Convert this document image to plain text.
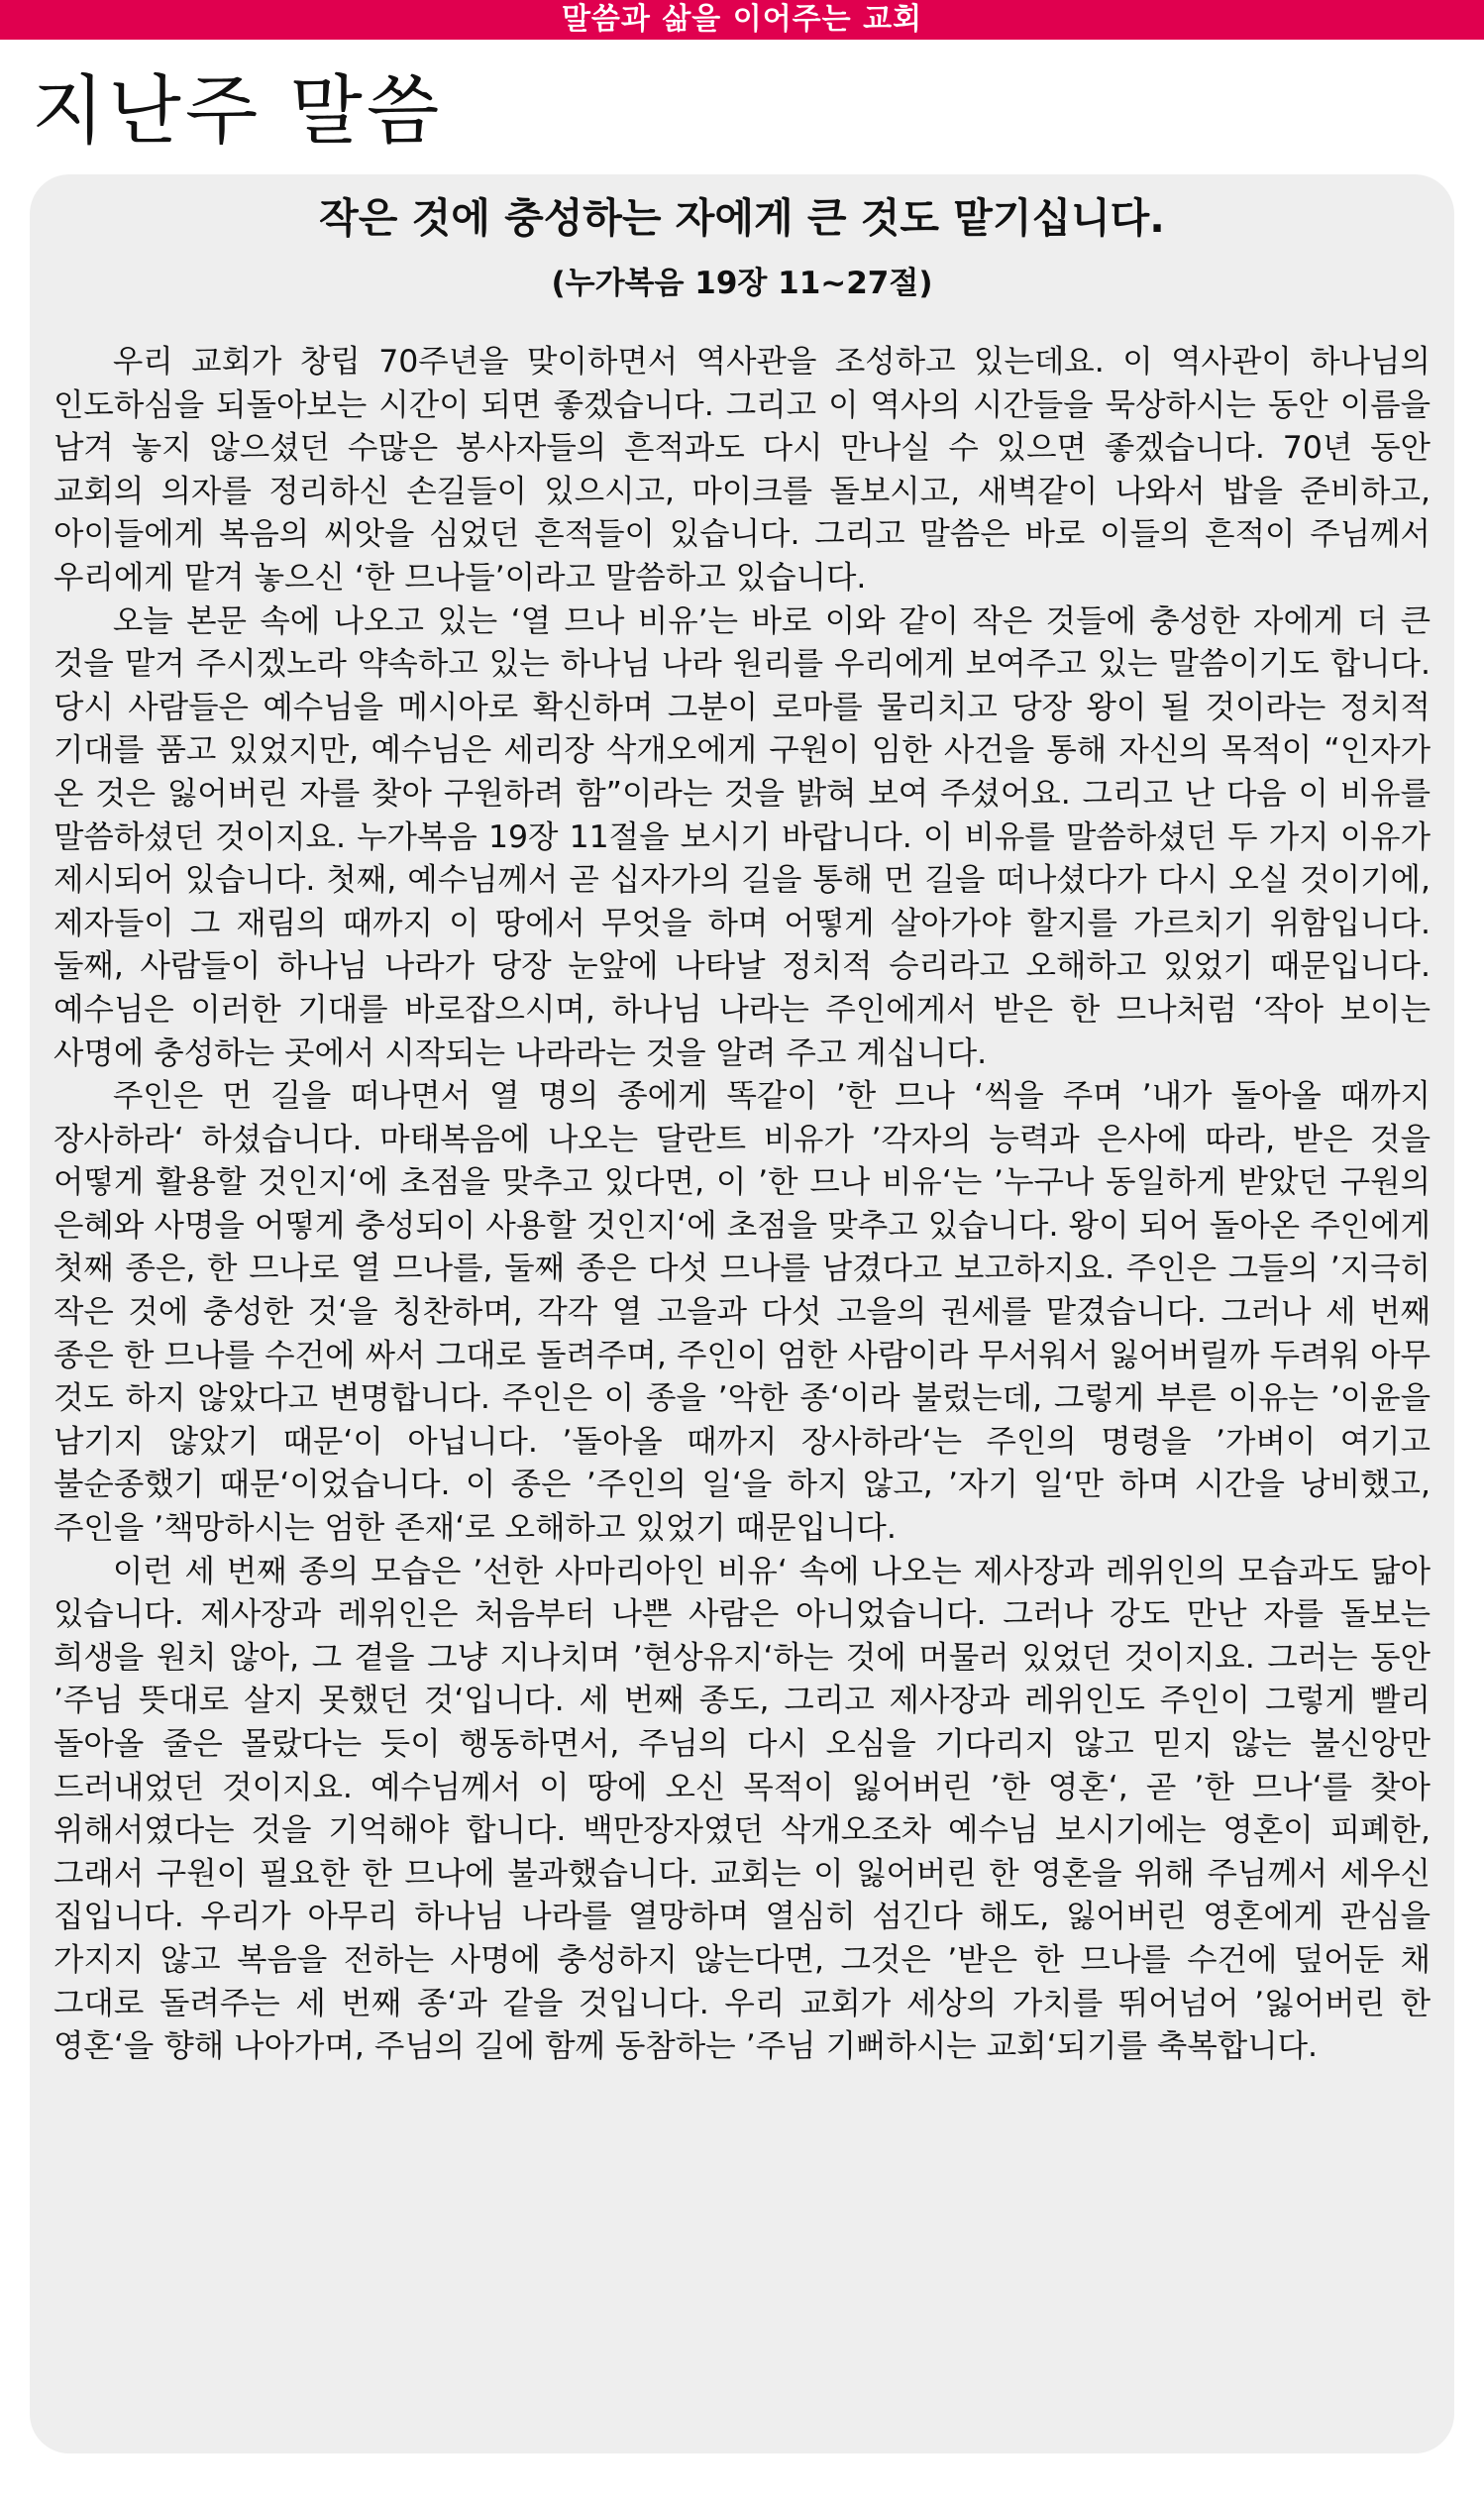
말씀과 삶을 이어주는 교회
지난주 말씀
작은 것에 충성하는 자에게 큰 것도 맡기십니다.
(누가복음 19장 11~27절)

우리 교회가 창립 70주년을 맞이하면서 역사관을 조성하고 있는데요. 이 역사관이 하나님의 인도하심을 되돌아보는 시간이 되면 좋겠습니다. 그리고 이 역사의 시간들을 묵상하시는 동안 이름을 남겨 놓지 않으셨던 수많은 봉사자들의 흔적과도 다시 만나실 수 있으면 좋겠습니다. 70년 동안 교회의 의자를 정리하신 손길들이 있으시고, 마이크를 돌보시고, 새벽같이 나와서 밥을 준비하고, 아이들에게 복음의 씨앗을 심었던 흔적들이 있습니다. 그리고 말씀은 바로 이들의 흔적이 주님께서 우리에게 맡겨 놓으신 ‘한 므나들’이라고 말씀하고 있습니다.

오늘 본문 속에 나오고 있는 ‘열 므나 비유’는 바로 이와 같이 작은 것들에 충성한 자에게 더 큰 것을 맡겨 주시겠노라 약속하고 있는 하나님 나라 원리를 우리에게 보여주고 있는 말씀이기도 합니다. 당시 사람들은 예수님을 메시아로 확신하며 그분이 로마를 물리치고 당장 왕이 될 것이라는 정치적 기대를 품고 있었지만, 예수님은 세리장 삭개오에게 구원이 임한 사건을 통해 자신의 목적이 “인자가 온 것은 잃어버린 자를 찾아 구원하려 함”이라는 것을 밝혀 보여 주셨어요. 그리고 난 다음 이 비유를 말씀하셨던 것이지요. 누가복음 19장 11절을 보시기 바랍니다. 이 비유를 말씀하셨던 두 가지 이유가 제시되어 있습니다. 첫째, 예수님께서 곧 십자가의 길을 통해 먼 길을 떠나셨다가 다시 오실 것이기에, 제자들이 그 재림의 때까지 이 땅에서 무엇을 하며 어떻게 살아가야 할지를 가르치기 위함입니다. 둘째, 사람들이 하나님 나라가 당장 눈앞에 나타날 정치적 승리라고 오해하고 있었기 때문입니다. 예수님은 이러한 기대를 바로잡으시며, 하나님 나라는 주인에게서 받은 한 므나처럼 ‘작아 보이는 사명에 충성하는 곳에서 시작되는 나라라는 것을 알려 주고 계십니다.

주인은 먼 길을 떠나면서 열 명의 종에게 똑같이 ’한 므나 ‘씩을 주며 ’내가 돌아올 때까지 장사하라‘ 하셨습니다. 마태복음에 나오는 달란트 비유가 ’각자의 능력과 은사에 따라, 받은 것을 어떻게 활용할 것인지‘에 초점을 맞추고 있다면, 이 ’한 므나 비유‘는 ’누구나 동일하게 받았던 구원의 은혜와 사명을 어떻게 충성되이 사용할 것인지‘에 초점을 맞추고 있습니다. 왕이 되어 돌아온 주인에게 첫째 종은, 한 므나로 열 므나를, 둘째 종은 다섯 므나를 남겼다고 보고하지요. 주인은 그들의 ’지극히 작은 것에 충성한 것‘을 칭찬하며, 각각 열 고을과 다섯 고을의 권세를 맡겼습니다. 그러나 세 번째 종은 한 므나를 수건에 싸서 그대로 돌려주며, 주인이 엄한 사람이라 무서워서 잃어버릴까 두려워 아무 것도 하지 않았다고 변명합니다. 주인은 이 종을 ’악한 종‘이라 불렀는데, 그렇게 부른 이유는 ’이윤을 남기지 않았기 때문‘이 아닙니다. ’돌아올 때까지 장사하라‘는 주인의 명령을 ’가벼이 여기고 불순종했기 때문‘이었습니다. 이 종은 ’주인의 일‘을 하지 않고, ’자기 일‘만 하며 시간을 낭비했고, 주인을 ’책망하시는 엄한 존재‘로 오해하고 있었기 때문입니다.

이런 세 번째 종의 모습은 ’선한 사마리아인 비유‘ 속에 나오는 제사장과 레위인의 모습과도 닮아 있습니다. 제사장과 레위인은 처음부터 나쁜 사람은 아니었습니다. 그러나 강도 만난 자를 돌보는 희생을 원치 않아, 그 곁을 그냥 지나치며 ’현상유지‘하는 것에 머물러 있었던 것이지요. 그러는 동안 ’주님 뜻대로 살지 못했던 것‘입니다. 세 번째 종도, 그리고 제사장과 레위인도 주인이 그렇게 빨리 돌아올 줄은 몰랐다는 듯이 행동하면서, 주님의 다시 오심을 기다리지 않고 믿지 않는 불신앙만 드러내었던 것이지요. 예수님께서 이 땅에 오신 목적이 잃어버린 ’한 영혼‘, 곧 ’한 므나‘를 찾아 위해서였다는 것을 기억해야 합니다. 백만장자였던 삭개오조차 예수님 보시기에는 영혼이 피폐한, 그래서 구원이 필요한 한 므나에 불과했습니다. 교회는 이 잃어버린 한 영혼을 위해 주님께서 세우신 집입니다. 우리가 아무리 하나님 나라를 열망하며 열심히 섬긴다 해도, 잃어버린 영혼에게 관심을 가지지 않고 복음을 전하는 사명에 충성하지 않는다면, 그것은 ’받은 한 므나를 수건에 덮어둔 채 그대로 돌려주는 세 번째 종‘과 같을 것입니다. 우리 교회가 세상의 가치를 뛰어넘어 ’잃어버린 한 영혼‘을 향해 나아가며, 주님의 길에 함께 동참하는 ’주님 기뻐하시는 교회‘되기를 축복합니다.
